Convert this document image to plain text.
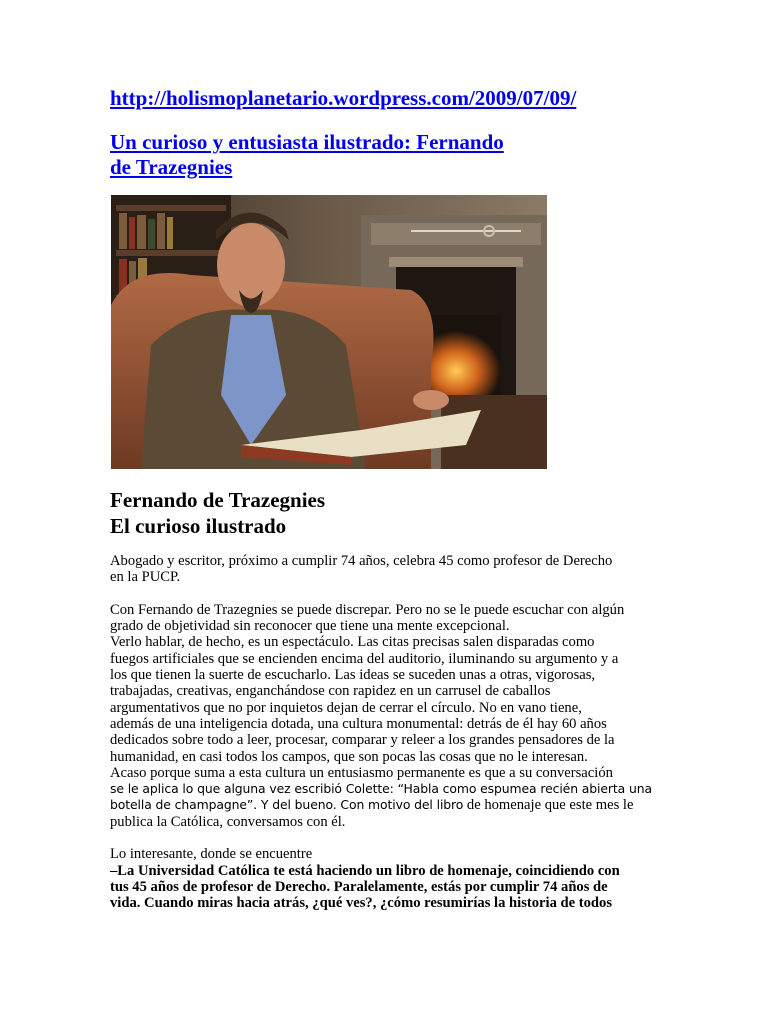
http://holismoplanetario.wordpress.com/2009/07/09/
Un curioso y entusiasta ilustrado: Fernando
de Trazegnies
Fernando de Trazegnies
El curioso ilustrado

Abogado y escritor, próximo a cumplir 74 años, celebra 45 como profesor de Derecho

en la PUCP.

Con Fernando de Trazegnies se puede discrepar. Pero no se le puede escuchar con algún

grado de objetividad sin reconocer que tiene una mente excepcional.

Verlo hablar, de hecho, es un espectáculo. Las citas precisas salen disparadas como

fuegos artificiales que se encienden encima del auditorio, iluminando su argumento y a

los que tienen la suerte de escucharlo. Las ideas se suceden unas a otras, vigorosas,

trabajadas, creativas, enganchándose con rapidez en un carrusel de caballos

argumentativos que no por inquietos dejan de cerrar el círculo. No en vano tiene,

además de una inteligencia dotada, una cultura monumental: detrás de él hay 60 años

dedicados sobre todo a leer, procesar, comparar y releer a los grandes pensadores de la

humanidad, en casi todos los campos, que son pocas las cosas que no le interesan.

Acaso porque suma a esta cultura un entusiasmo permanente es que a su conversación

se le aplica lo que alguna vez escribió Colette: “Habla como espumea recién abierta una

botella de champagne”. Y del bueno. Con motivo del libro de homenaje que este mes le

publica la Católica, conversamos con él.

Lo interesante, donde se encuentre

–La Universidad Católica te está haciendo un libro de homenaje, coincidiendo con

tus 45 años de profesor de Derecho. Paralelamente, estás por cumplir 74 años de

vida. Cuando miras hacia atrás, ¿qué ves?, ¿cómo resumirías la historia de todos
